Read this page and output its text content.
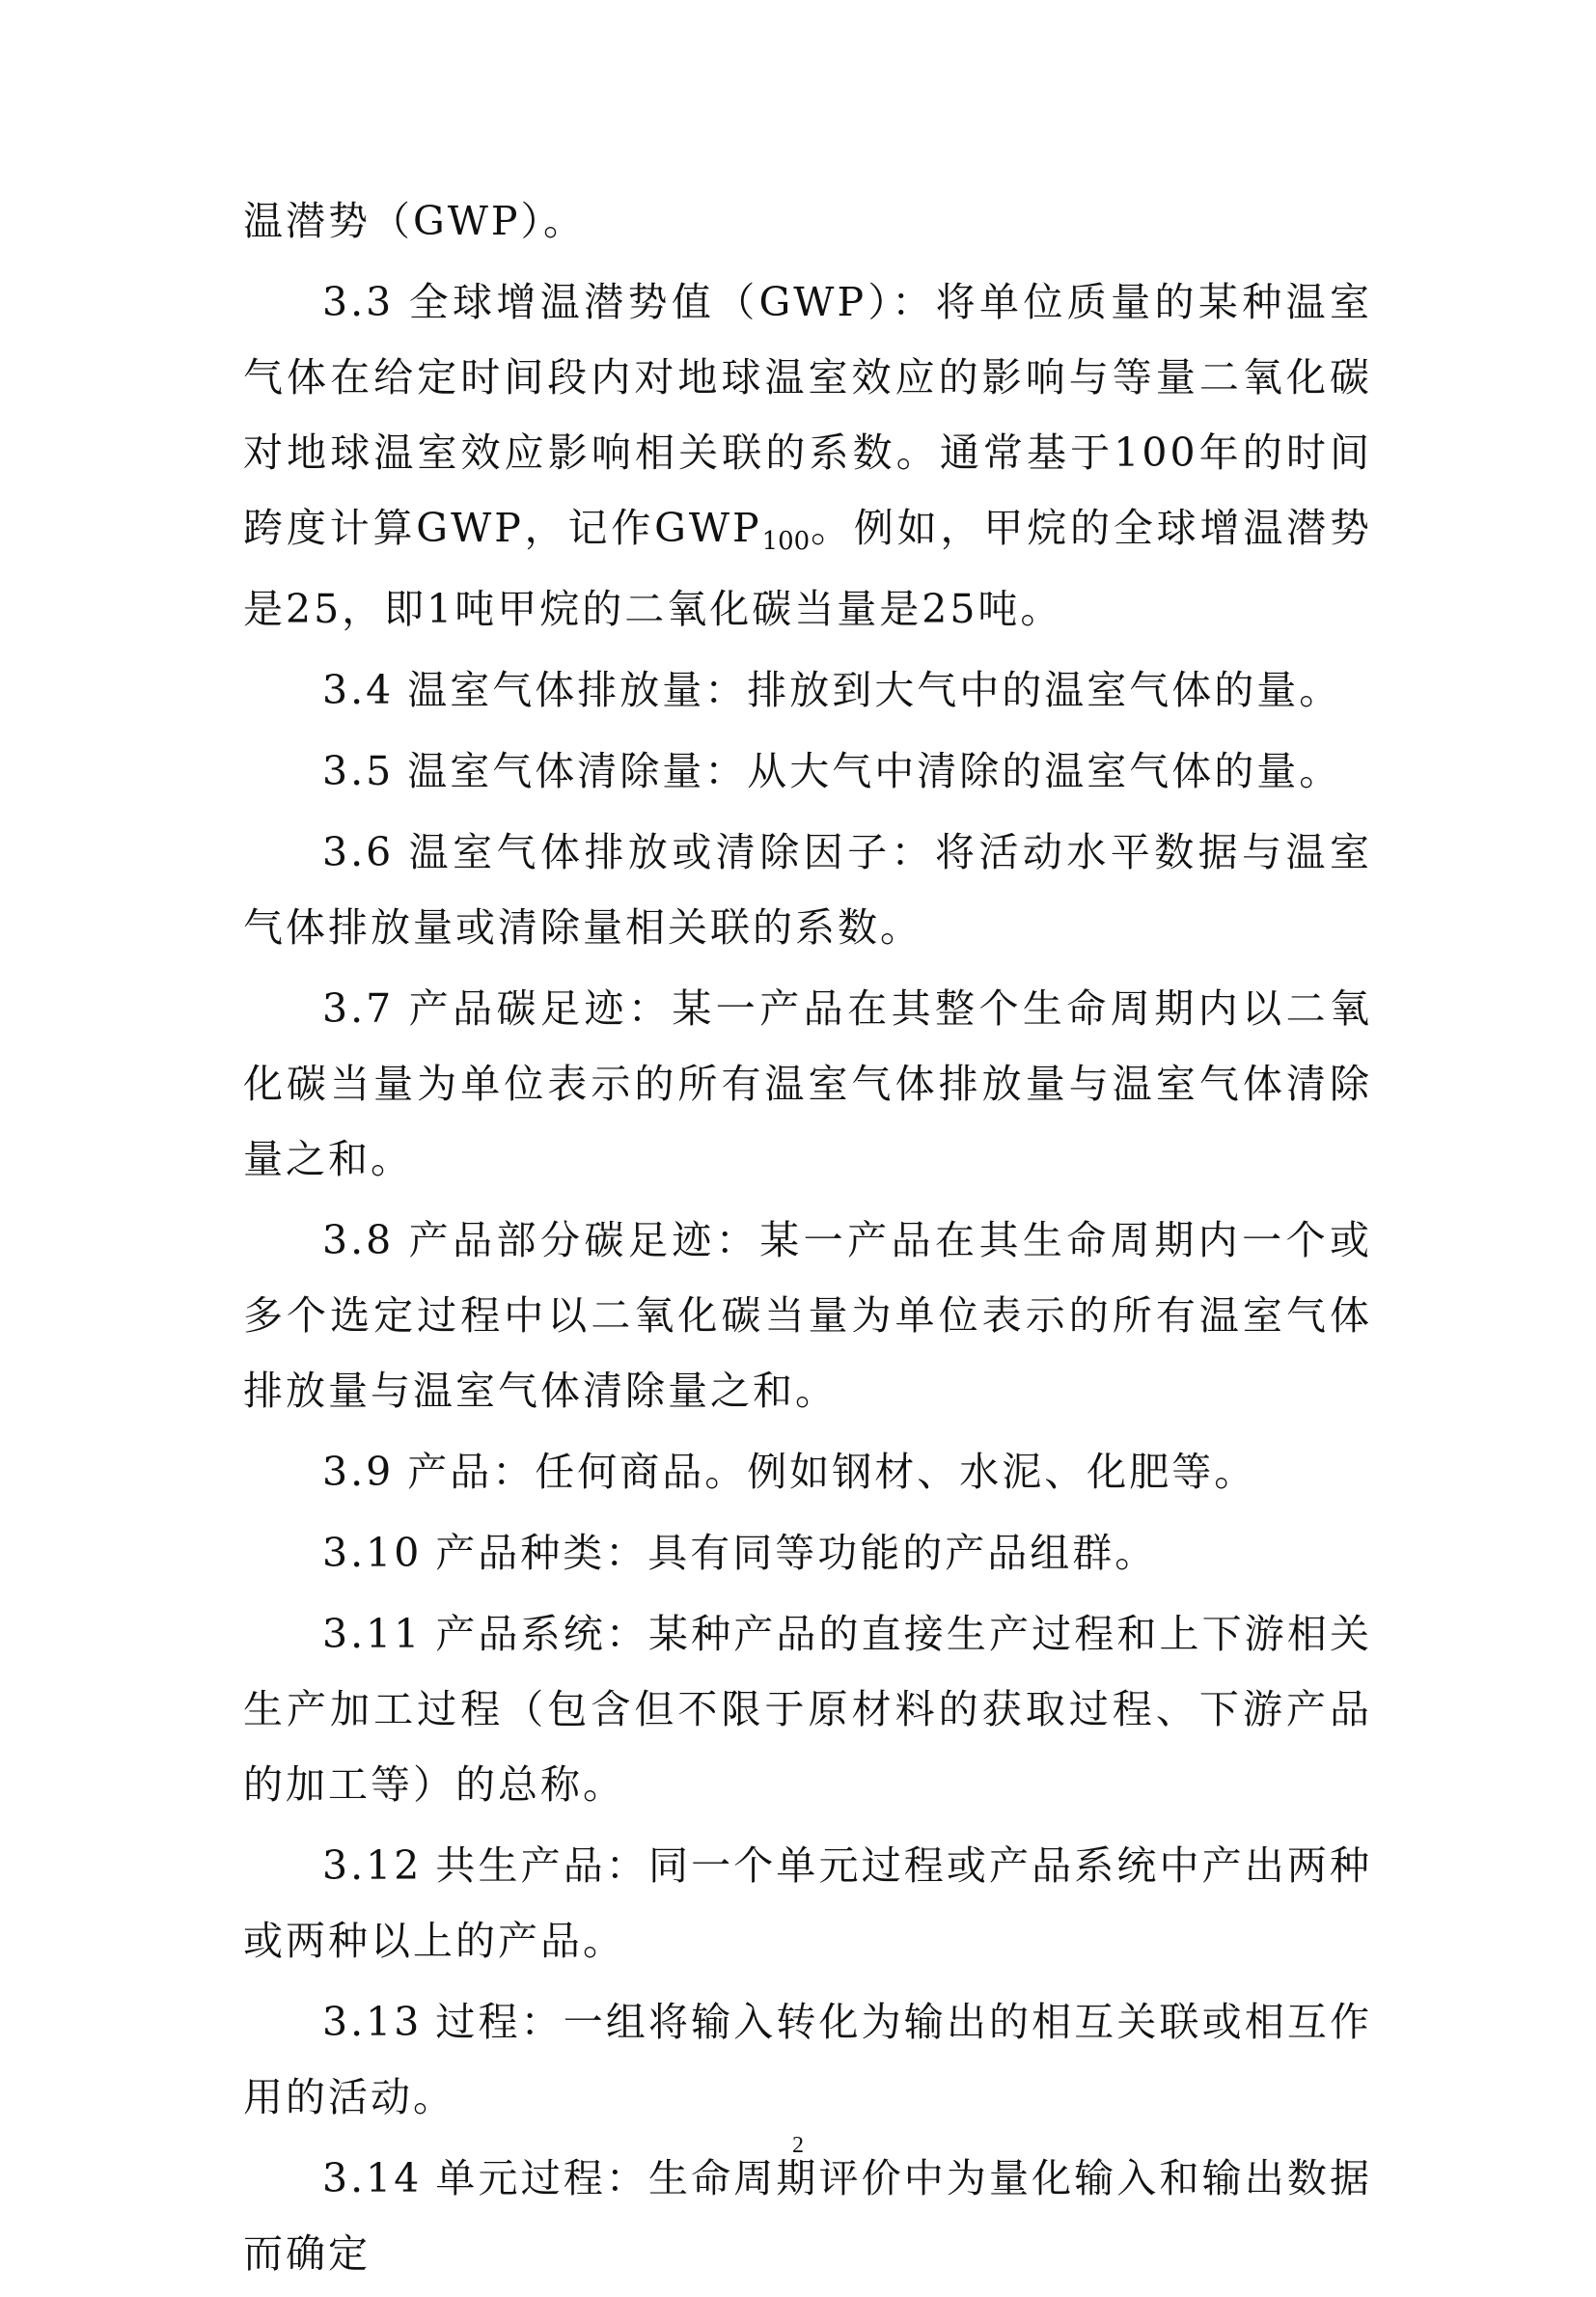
温潜势（GWP）。

3.3 全球增温潜势值（GWP）：将单位质量的某种温室气体在给定时间段内对地球温室效应的影响与等量二氧化碳对地球温室效应影响相关联的系数。通常基于100年的时间跨度计算GWP，记作$GWP_{100}$。例如，甲烷的全球增温潜势是25，即1吨甲烷的二氧化碳当量是25吨。

3.4 温室气体排放量：排放到大气中的温室气体的量。

3.5 温室气体清除量：从大气中清除的温室气体的量。

3.6 温室气体排放或清除因子：将活动水平数据与温室气体排放量或清除量相关联的系数。

3.7 产品碳足迹：某一产品在其整个生命周期内以二氧化碳当量为单位表示的所有温室气体排放量与温室气体清除量之和。

3.8 产品部分碳足迹：某一产品在其生命周期内一个或多个选定过程中以二氧化碳当量为单位表示的所有温室气体排放量与温室气体清除量之和。

3.9 产品：任何商品。例如钢材、水泥、化肥等。

3.10 产品种类：具有同等功能的产品组群。

3.11 产品系统：某种产品的直接生产过程和上下游相关生产加工过程（包含但不限于原材料的获取过程、下游产品的加工等）的总称。

3.12 共生产品：同一个单元过程或产品系统中产出两种或两种以上的产品。

3.13 过程：一组将输入转化为输出的相互关联或相互作用的活动。

3.14 单元过程：生命周期评价中为量化输入和输出数据而确定

2
